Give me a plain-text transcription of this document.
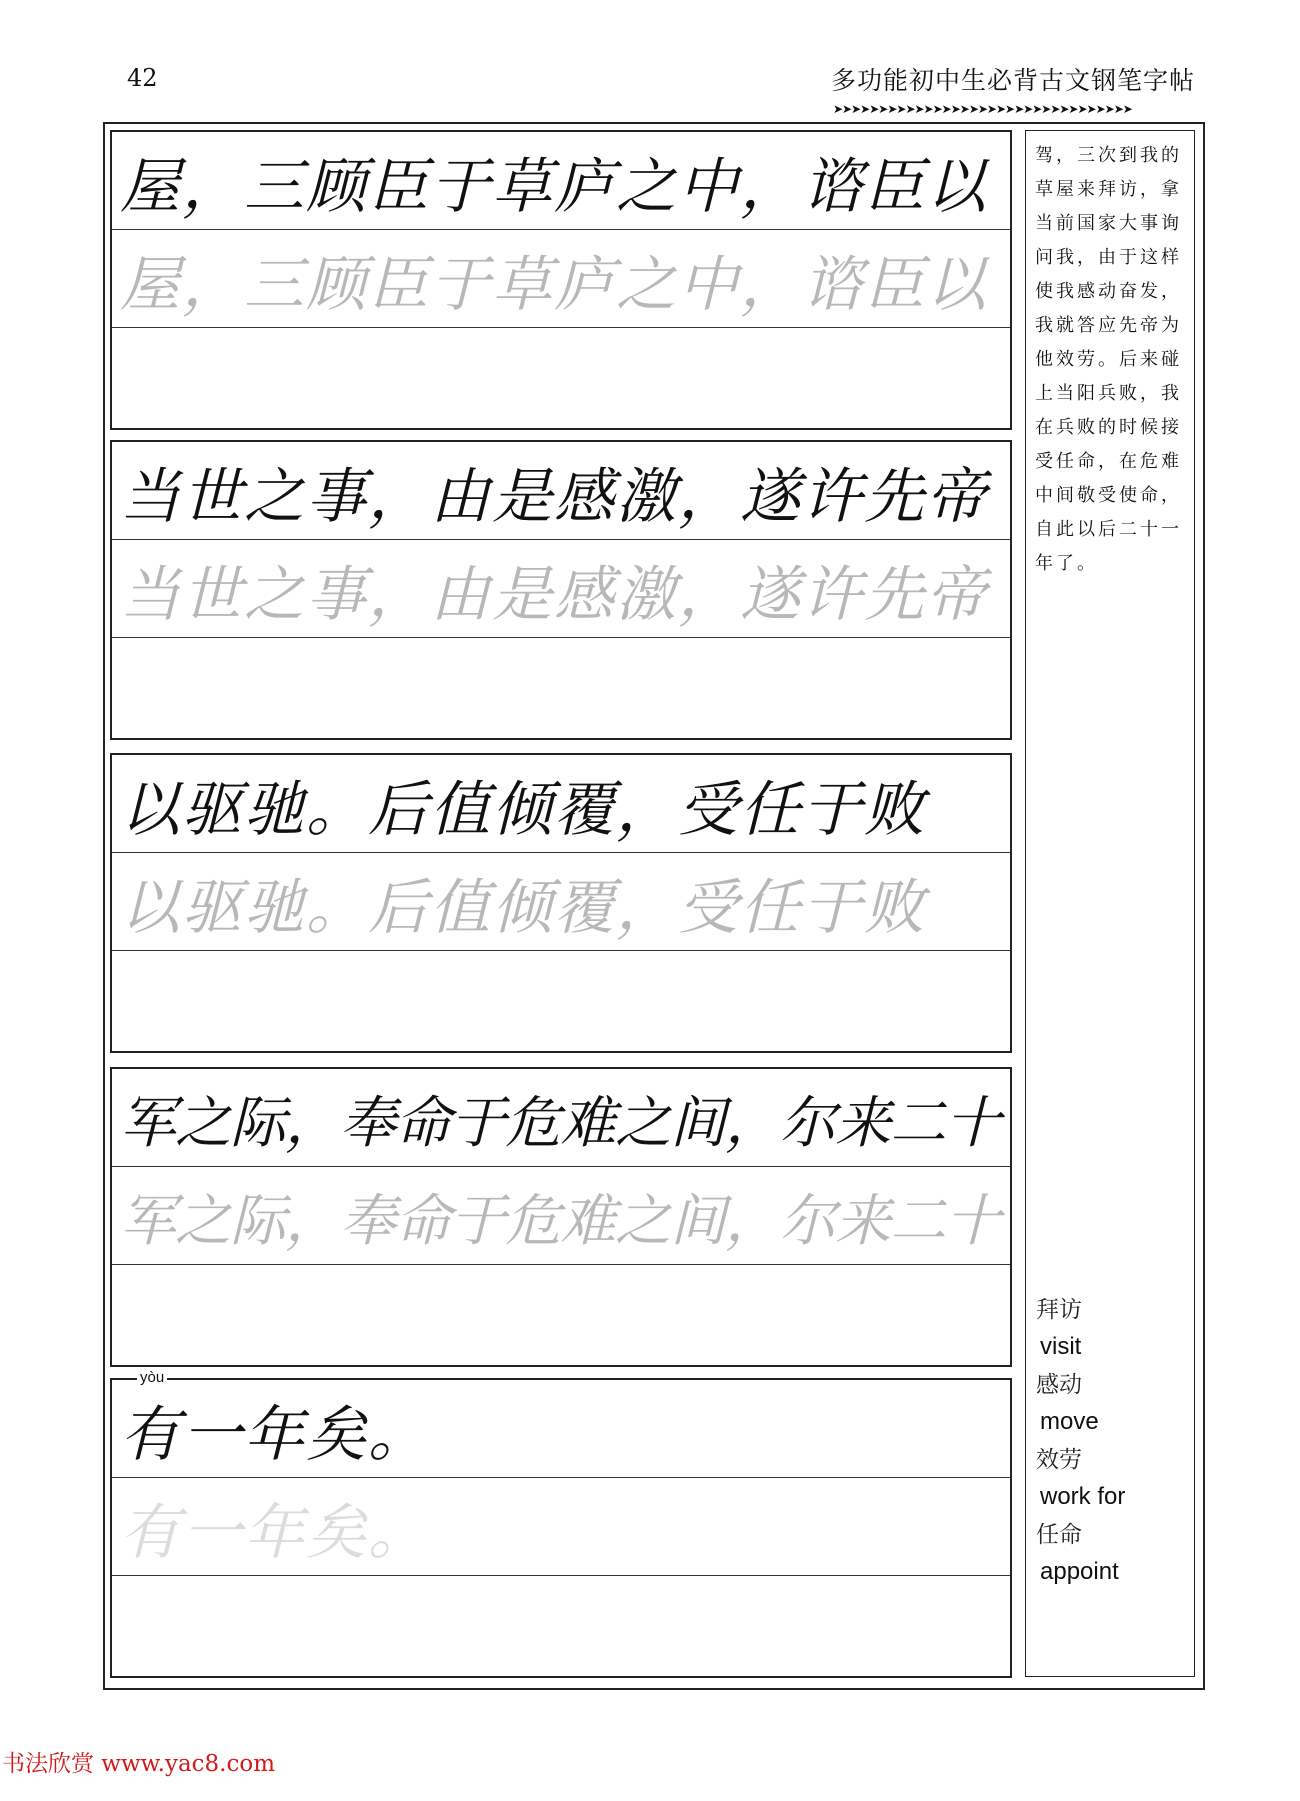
42	多功能初中生必背古文钢笔字帖
➤➤➤➤➤➤➤➤➤➤➤➤➤➤➤➤➤➤➤➤➤➤➤➤➤➤➤➤➤➤➤➤➤
屋，三顾臣于草庐之中，谘臣以
屋，三顾臣于草庐之中，谘臣以
当世之事，由是感激，遂许先帝
当世之事，由是感激，遂许先帝
以驱驰。后值倾覆，受任于败
以驱驰。后值倾覆，受任于败
军之际，奉命于危难之间，尔来二十
军之际，奉命于危难之间，尔来二十
yòu
有一年矣。
有一年矣。
驾，三次到我的草屋来拜访，拿当前国家大事询问我，由于这样使我感动奋发，我就答应先帝为他效劳。后来碰上当阳兵败，我在兵败的时候接受任命，在危难中间敬受使命，自此以后二十一年了。
拜访
visit
感动
move
效劳
work for
任命
appoint
书法欣赏 www.yac8.com
